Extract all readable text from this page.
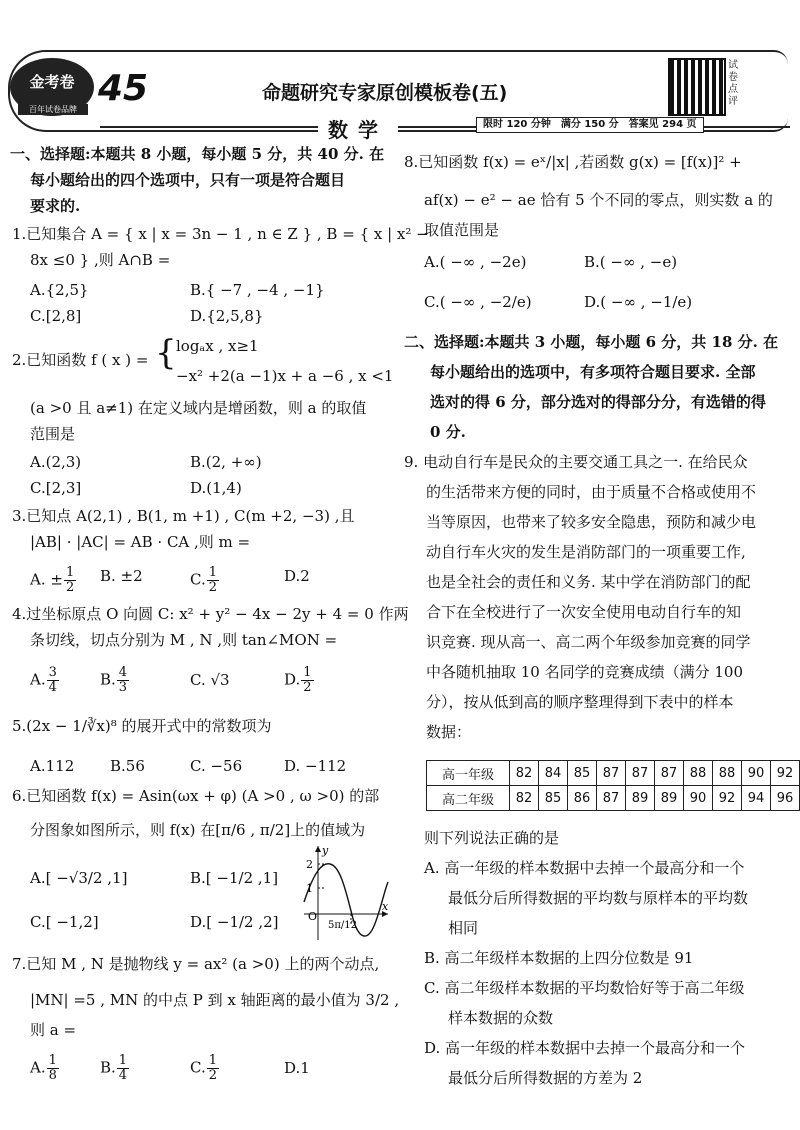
金考卷
百年试卷品牌
45	命题研究专家原创模板卷(五)
试卷点评
数学	限时 120 分钟　满分 150 分　答案见 294 页
一、选择题:本题共 8 小题，每小题 5 分，共 40 分. 在
每小题给出的四个选项中，只有一项是符合题目
要求的.
1.已知集合 A = { x | x = 3n − 1 , n ∈ Z } , B = { x | x² −
8x ≤0 } ,则 A∩B =
A.{2,5}	B.{ −7 , −4 , −1}
C.[2,8]	D.{2,5,8}
2.已知函数 f ( x ) = { logₐx , x≥1
−x² +2(a −1)x + a −6 , x <1
(a >0 且 a≠1) 在定义域内是增函数，则 a 的取值
范围是
A.(2,3)	B.(2, +∞)
C.[2,3]	D.(1,4)
3.已知点 A(2,1) , B(1, m +1) , C(m +2, −3) ,且
|AB| · |AC| = AB · CA ,则 m =
A. ± $\frac{1}{2} B$. ±2	C. $\frac{1}{2}$	D.2
4.过坐标原点 O 向圆 C: x² + y² − 4x − 2y + 4 = 0 作两
条切线，切点分别为 M , N ,则 tan∠MON =
A. $\frac{3}{4}$	B. $\frac{4}{3}$	C. √3	D. $\frac{1}{2}$
5.(2x − 1/∛x)⁸ 的展开式中的常数项为
A.112 B.56	C. −56	D. −112
6.已知函数 f(x) = Asin(ωx + φ) (A >0 , ω >0) 的部
分图象如图所示，则 f(x) 在[π/6 , π/2]上的值域为
A.[ −√3/2 ,1]	B.[ −1/2 ,1]
C.[ −1,2]	D.[ −1/2 ,2]
y
x
O
2
1
5π/12
7.已知 M , N 是抛物线 y = ax² (a >0) 上的两个动点,
|MN| =5 , MN 的中点 P 到 x 轴距离的最小值为 3/2 ,
则 a =
A. $\frac{1}{8}$	B. $\frac{1}{4}$	C. $\frac{1}{2}$	D.1
8.已知函数 f(x) = eˣ/|x| ,若函数 g(x) = [f(x)]² +
af(x) − e² − ae 恰有 5 个不同的零点，则实数 a 的
取值范围是
A.( −∞ , −2e)	B.( −∞ , −e)
C.( −∞ , −2/e)	D.( −∞ , −1/e)
二、选择题:本题共 3 小题，每小题 6 分，共 18 分. 在
每小题给出的选项中，有多项符合题目要求. 全部
选对的得 6 分，部分选对的得部分分，有选错的得
0 分.
9. 电动自行车是民众的主要交通工具之一. 在给民众
的生活带来方便的同时，由于质量不合格或使用不
当等原因，也带来了较多安全隐患，预防和减少电
动自行车火灾的发生是消防部门的一项重要工作,
也是全社会的责任和义务. 某中学在消防部门的配
合下在全校进行了一次安全使用电动自行车的知
识竞赛. 现从高一、高二两个年级参加竞赛的同学
中各随机抽取 10 名同学的竞赛成绩（满分 100
分），按从低到高的顺序整理得到下表中的样本
数据：
高一年级	82	84	85	87	87	87	88	88	90	92
高二年级	82	85	86	87	89	89	90	92	94	96
则下列说法正确的是
A. 高一年级的样本数据中去掉一个最高分和一个
最低分后所得数据的平均数与原样本的平均数
相同
B. 高二年级样本数据的上四分位数是 91
C. 高二年级样本数据的平均数恰好等于高二年级
样本数据的众数
D. 高一年级的样本数据中去掉一个最高分和一个
最低分后所得数据的方差为 2
